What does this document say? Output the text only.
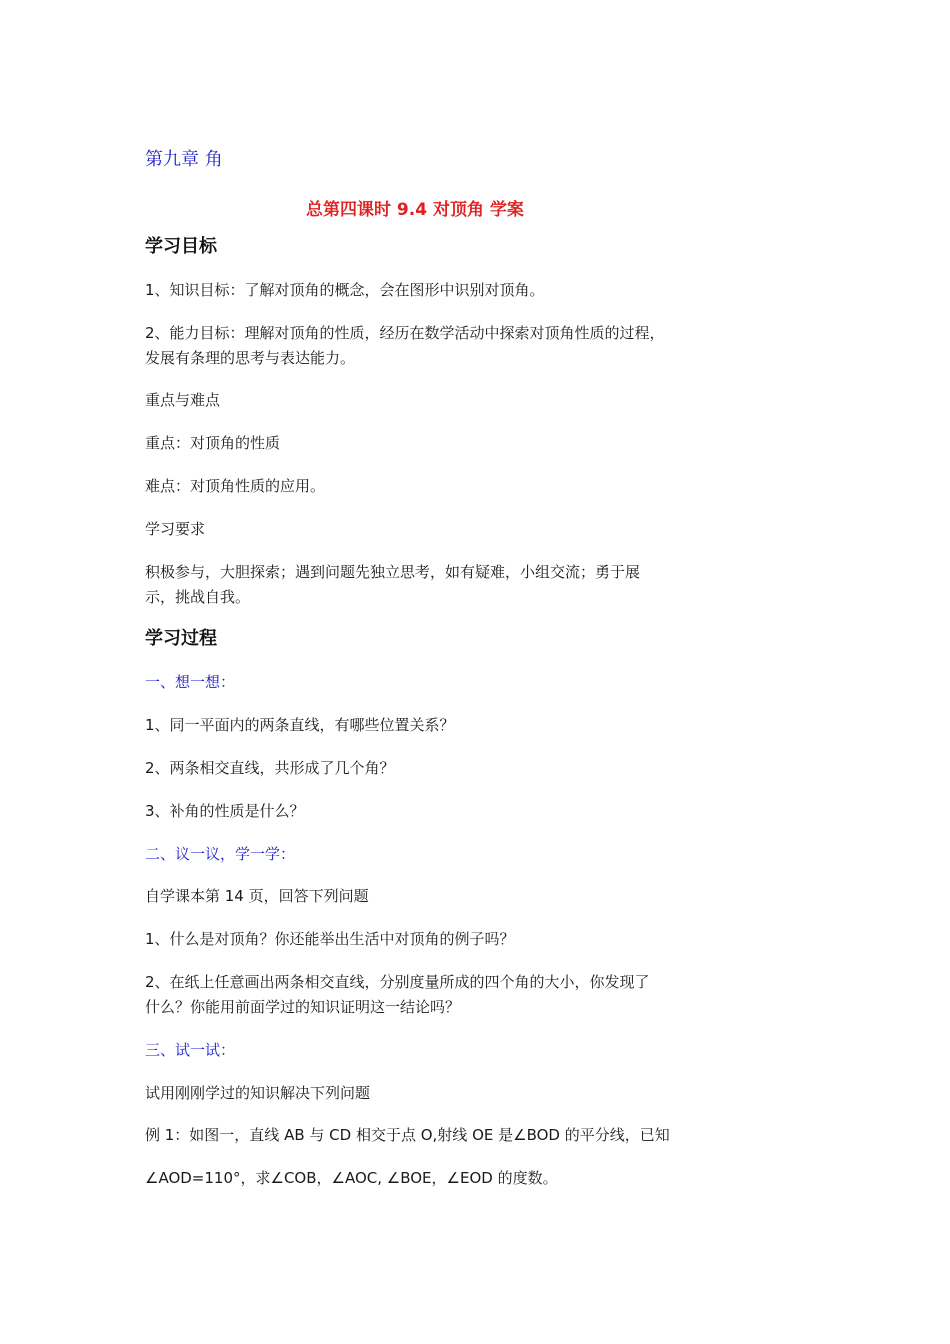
第九章 角
总第四课时 9.4 对顶角 学案
学习目标
1、知识目标：了解对顶角的概念，会在图形中识别对顶角。
2、能力目标：理解对顶角的性质，经历在数学活动中探索对顶角性质的过程，
发展有条理的思考与表达能力。
重点与难点
重点：对顶角的性质
难点：对顶角性质的应用。
学习要求
积极参与，大胆探索；遇到问题先独立思考，如有疑难，小组交流；勇于展
示，挑战自我。
学习过程
一、想一想：
1、同一平面内的两条直线，有哪些位置关系？
2、两条相交直线，共形成了几个角？
3、补角的性质是什么？
二、议一议，学一学：
自学课本第 14 页，回答下列问题
1、什么是对顶角？你还能举出生活中对顶角的例子吗？
2、在纸上任意画出两条相交直线，分别度量所成的四个角的大小，你发现了
什么？你能用前面学过的知识证明这一结论吗？
三、试一试：
试用刚刚学过的知识解决下列问题
例 1：如图一，直线 AB 与 CD 相交于点 O,射线 OE 是∠BOD 的平分线，已知
∠AOD=110°，求∠COB，∠AOC, ∠BOE，∠EOD 的度数。
